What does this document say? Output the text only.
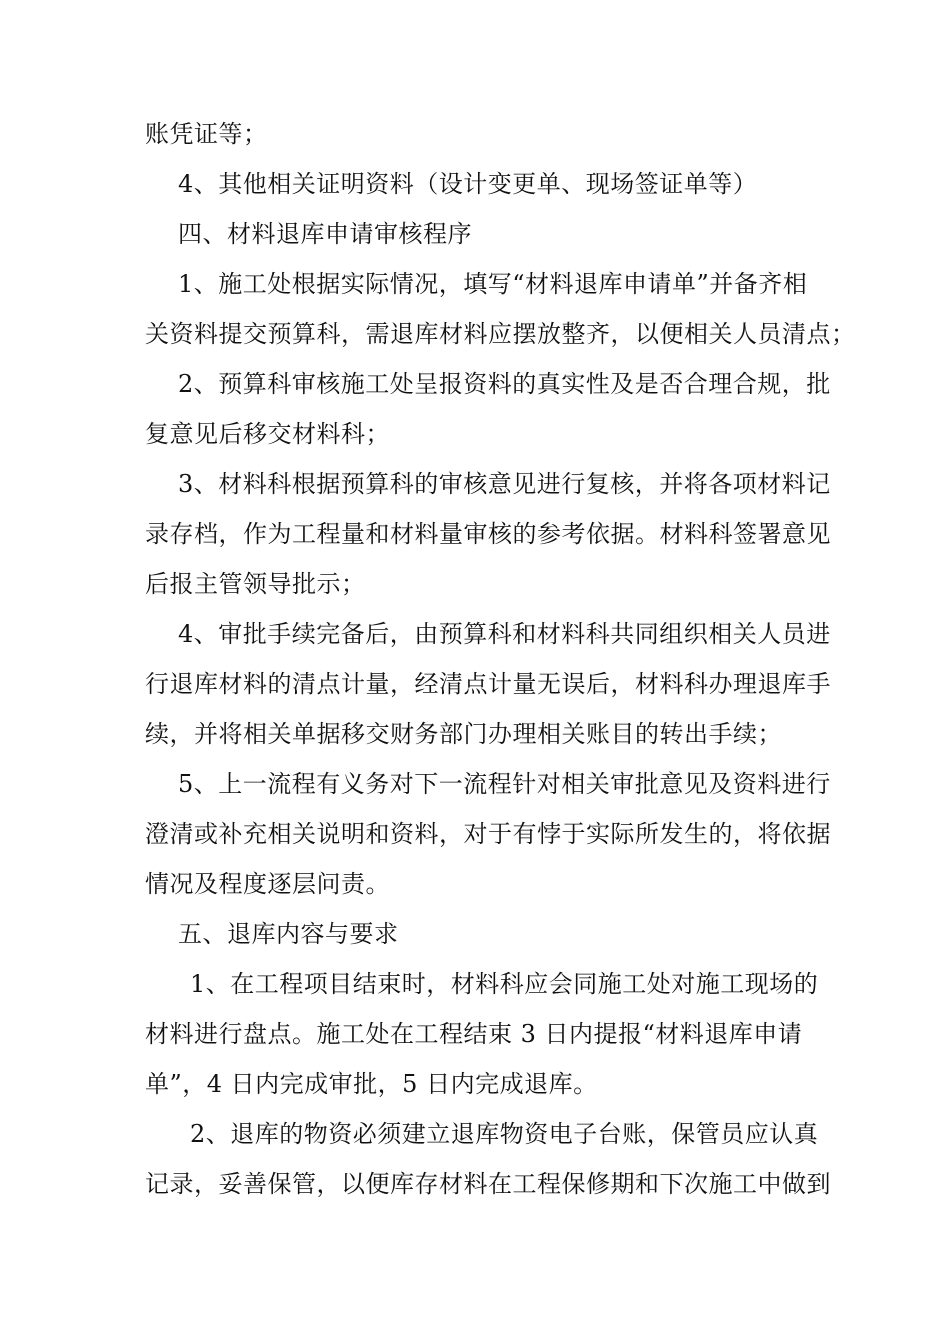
账凭证等；
4、其他相关证明资料（设计变更单、现场签证单等）
四、材料退库申请审核程序
1、施工处根据实际情况，填写“材料退库申请单”并备齐相
关资料提交预算科，需退库材料应摆放整齐，以便相关人员清点；
2、预算科审核施工处呈报资料的真实性及是否合理合规，批
复意见后移交材料科；
3、材料科根据预算科的审核意见进行复核，并将各项材料记
录存档，作为工程量和材料量审核的参考依据。材料科签署意见
后报主管领导批示；
4、审批手续完备后，由预算科和材料科共同组织相关人员进
行退库材料的清点计量，经清点计量无误后，材料科办理退库手
续，并将相关单据移交财务部门办理相关账目的转出手续；
5、上一流程有义务对下一流程针对相关审批意见及资料进行
澄清或补充相关说明和资料，对于有悖于实际所发生的，将依据
情况及程度逐层问责。
五、退库内容与要求
1、在工程项目结束时，材料科应会同施工处对施工现场的
材料进行盘点。施工处在工程结束 3 日内提报“材料退库申请
单”，4 日内完成审批，5 日内完成退库。
2、退库的物资必须建立退库物资电子台账，保管员应认真
记录，妥善保管，以便库存材料在工程保修期和下次施工中做到
